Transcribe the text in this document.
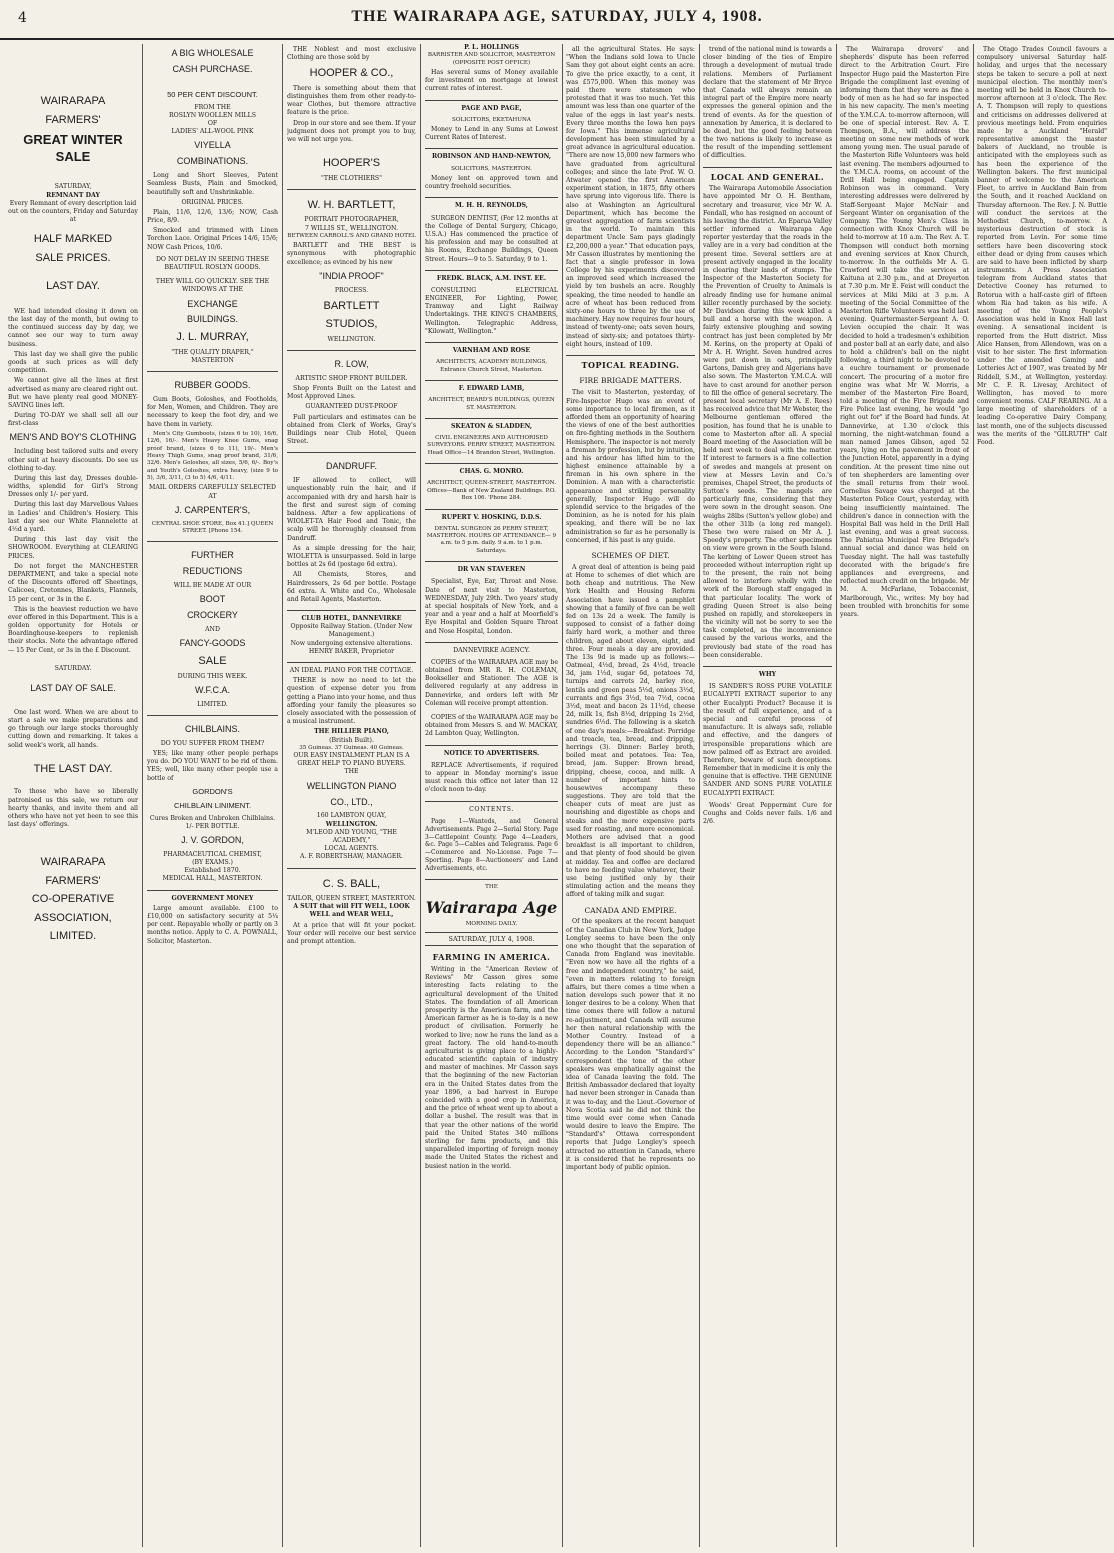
4	THE WAIRARAPA AGE, SATURDAY, JULY 4, 1908.
WAIRARAPA
FARMERS'
GREAT WINTER SALE
SATURDAY,
REMNANT DAY
Every Remnant of every description laid out on the counters, Friday and Saturday at
HALF MARKED
SALE PRICES.
LAST DAY.
WE had intended closing it down on the last day of the month, but owing to the continued success day by day, we cannot see our way to turn away business.
This last day we shall give the public goods at such prices as will defy competition.
We cannot give all the lines at first advertised as many are cleared right out. But we have plenty real good MONEY-SAVING lines left.
During TO-DAY we shall sell all our first-class
MEN'S AND BOY'S CLOTHING
Including best tailored suits and every other suit at heavy discounts. Do see us clothing to-day.
During this last day, Dresses double-widths, splendid for Girl's Strong Dresses only 1/- per yard.
During this last day Marvellous Values in Ladies' and Children's Hosiery. This last day see our White Flannelette at 4½d a yard.
During this last day visit the SHOWROOM. Everything at CLEARING PRICES.
Do not forget the MANCHESTER DEPARTMENT, and take a special note of the Discounts offered off Sheetings, Calicoes, Cretonnes, Blankets, Flannels, 15 per cent, or 3s in the £.
This is the heaviest reduction we have ever offered in this Department. This is a golden opportunity for Hotels or Boardinghouse-keepers to replenish their stocks. Note the advantage offered — 15 Per Cent, or 3s in the £ Discount.
SATURDAY.
LAST DAY OF SALE.
One last word. When we are about to start a sale we make preparations and go through our large stocks thoroughly cutting down and remarking. It takes a solid week's work, all hands.
THE LAST DAY.
To those who have so liberally patronised us this sale, we return our hearty thanks, and invite them and all others who have not yet been to see this last days' offerings.
WAIRARAPA
FARMERS'
CO-OPERATIVE
ASSOCIATION,
LIMITED.
A BIG WHOLESALE
CASH PURCHASE.
50 PER CENT DISCOUNT.
FROM THE
ROSLYN WOOLLEN MILLS
OF
LADIES' ALL-WOOL PINK
VIYELLA
COMBINATIONS.
Long and Short Sleeves, Patent Seamless Busts, Plain and Smocked, beautifully soft and Unshrinkable.
ORIGINAL PRICES.
Plain, 11/6, 12/6, 13/6; NOW, Cash Price, 8/9.
Smocked and trimmed with Linen Torchon Lace. Original Prices 14/6, 15/6; NOW Cash Prices, 10/6.
DO NOT DELAY IN SEEING THESE BEAUTIFUL ROSLYN GOODS.
THEY WILL GO QUICKLY. SEE THE WINDOWS AT THE
EXCHANGE
BUILDINGS.
J. L. MURRAY,
"THE QUALITY DRAPER,"
MASTERTON
RUBBER GOODS.
Gum Boots, Goloshes, and Footholds, for Men, Women, and Children. They are necessary to keep the foot dry, and we have them in variety.
Men's City Gumboots, (sizes 6 to 10), 16/6, 12/6, 16/-. Men's Heavy Knee Gums, snag proof brand, (sizes 6 to 11), 19/-. Men's Heavy Thigh Gums, snag proof brand, 31/6, 32/6. Men's Goloshes, all sizes, 5/6, 6/-. Boy's and Youth's Goloshes, extra heavy, (size 9 to 5), 3/6, 3/11, (3 to 5) 4/6, 4/11.
MAIL ORDERS CAREFULLY SELECTED AT
J. CARPENTER'S,
CENTRAL SHOE STORE, Box 41.] QUEEN STREET. [Phone 154.
FURTHER
REDUCTIONS
WILL BE MADE AT OUR
BOOT
CROCKERY
AND
FANCY-GOODS
SALE
DURING THIS WEEK.
W.F.C.A.
LIMITED.
CHILBLAINS.
DO YOU SUFFER FROM THEM?
YES; like many other people perhaps you do. DO YOU WANT to be rid of them. YES; well, like many other people use a bottle of
GORDON'S
CHILBLAIN LINIMENT.
Cures Broken and Unbroken Chilblains.
1/- PER BOTTLE.
J. V. GORDON,
PHARMACEUTICAL CHEMIST,
(BY EXAMS.)
Established 1870.
MEDICAL HALL, MASTERTON.
GOVERNMENT MONEY
Large amount available. £100 to £10,000 on satisfactory security at 5¼ per cent. Repayable wholly or partly on 3 months notice. Apply to C. A. POWNALL, Solicitor, Masterton.
THE Noblest and most exclusive Clothing are those sold by
HOOPER & CO.,
There is something about them that distinguishes them from other ready-to-wear Clothes, but themore attractive feature is the price.
Drop in our store and see them. If your judgment does not prompt you to buy, we will not urge you.
HOOPER'S
"THE CLOTHIERS"
W. H. BARTLETT,
PORTRAIT PHOTOGRAPHER,
7 WILLIS ST., WELLINGTON.
BETWEEN CARROLL'S AND GRAND HOTEL
BARTLETT and THE BEST is synonymous with photographic excellence; as evinced by his new
"INDIA PROOF"
PROCESS.
BARTLETT
STUDIOS,
WELLINGTON.
R. LOW,
ARTISTIC SHOP FRONT BUILDER.
Shop Fronts Built on the Latest and Most Approved Lines.
GUARANTEED DUST-PROOF
Full particulars and estimates can be obtained from Clerk of Works, Gray's Buildings near Club Hotel, Queen Street.
DANDRUFF.
IF allowed to collect, will unquestionably ruin the hair, and if accompanied with dry and harsh hair is the first and surest sign of coming baldness. After a few applications of WIOLET-TA Hair Food and Tonic, the scalp will be thoroughly cleansed from Dandruff.
As a simple dressing for the hair, WIOLETTA is unsurpassed. Sold in large bottles at 2s 6d (postage 6d extra).
All Chemists, Stores, and Hairdressers, 2s 6d per bottle. Postage 6d extra. A. White and Co., Wholesale and Retail Agents, Masterton.
CLUB HOTEL, DANNEVIRKE
Opposite Railway Station. (Under New Management.)
Now undergoing extensive alterations. HENRY BAKER, Proprietor
AN IDEAL PIANO FOR THE COTTAGE.
THERE is now no need to let the question of expense deter you from getting a Piano into your home, and thus affording your family the pleasures so closely associated with the possession of a musical instrument.
THE HILLIER PIANO,
(British Built).
35 Guineas. 37 Guineas. 40 Guineas.
OUR EASY INSTALMENT PLAN IS A GREAT HELP TO PIANO BUYERS.
THE
WELLINGTON PIANO
CO., LTD.,
160 LAMBTON QUAY,
WELLINGTON.
M'LEOD AND YOUNG, "THE ACADEMY,"
LOCAL AGENTS.
A. F. ROBERTSHAW, MANAGER.
C. S. BALL,
TAILOR, QUEEN STREET, MASTERTON.
A SUIT that will FIT WELL, LOOK WELL and WEAR WELL,
At a price that will fit your pocket. Your order will receive our best service and prompt attention.
P. L. HOLLINGS
BARRISTER AND SOLICITOR, MASTERTON (OPPOSITE POST OFFICE)
Has several sums of Money available for investment on mortgage at lowest current rates of interest.
PAGE AND PAGE,
SOLICITORS, EKETAHUNA
Money to Lend in any Sums at Lowest Current Rates of Interest.
ROBINSON AND HAND-NEWTON,
SOLICITORS, MASTERTON.
Money lent on approved town and country freehold securities.
M. H. H. REYNOLDS,
SURGEON DENTIST, (For 12 months at the College of Dental Surgery, Chicago, U.S.A.) Has commenced the practice of his profession and may be consulted at his Rooms, Exchange Buildings, Queen Street. Hours—9 to 5. Saturday, 9 to 1.
FREDK. BLACK, A.M. INST. EE.
CONSULTING ELECTRICAL ENGINEER, For Lighting, Power, Tramway and Light Railway Undertakings. THE KING'S CHAMBERS, Wellington. Telegraphic Address, "Kilowatt, Wellington."
VARNHAM AND ROSE
ARCHITECTS, ACADEMY BUILDINGS, Entrance Church Street, Masterton.
F. EDWARD LAMB,
ARCHITECT, BEARD'S BUILDINGS, QUEEN ST. MASTERTON.
SKEATON & SLADDEN,
CIVIL ENGINEERS AND AUTHORISED SURVEYORS. PERRY STREET, MASTERTON. Head Office—14 Brandon Street, Wellington.
CHAS. G. MONRO.
ARCHITECT, QUEEN-STREET, MASTERTON. Offices—Bank of New Zealand Buildings. P.O. Box 106. 'Phone 284.
RUPERT V. HOSKING, D.D.S.
DENTAL SURGEON 26 PERRY STREET, MASTERTON. HOURS OF ATTENDANCE— 9 a.m. to 5 p.m. daily. 9 a.m. to 1 p.m. Saturdays.
DR VAN STAVEREN
Specialist, Eye, Ear, Throat and Nose. Date of next visit to Masterton, WEDNESDAY, July 29th. Two years' study at special hospitals of New York, and a year and a year and a half at Moorfield's Eye Hospital and Golden Square Throat and Nose Hospital, London.
DANNEVIRKE AGENCY.
COPIES of the WAIRARAPA AGE may be obtained from MR R. H. COLEMAN, Bookseller and Stationer. The AGE is delivered regularly at any address in Dannevirke, and orders left with Mr Coleman will receive prompt attention.
COPIES of the WAIRARAPA AGE may be obtained from Messrs S. and W. MACKAY, 2d Lambton Quay, Wellington.
NOTICE TO ADVERTISERS.
REPLACE Advertisements, if required to appear in Monday morning's issue must reach this office not later than 12 o'clock noon to-day.
CONTENTS.
Page 1—Wanteds, and General Advertisements. Page 2—Serial Story. Page 3—Cattlepoint County. Page 4—Leaders, &c. Page 5—Cables and Telegrams. Page 6—Commerce and No-License. Page 7—Sporting. Page 8—Auctioneers' and Land Advertisements, etc.
THE
Wairarapa Age
MORNING DAILY.
SATURDAY, JULY 4, 1908.
FARMING IN AMERICA.
Writing in the "American Review of Reviews" Mr Casson gives some interesting facts relating to the agricultural development of the United States. The foundation of all American prosperity is the American farm, and the American farmer as he is to-day is a new product of civilisation. Formerly he worked to live; now he runs the land as a great factory. The old hand-to-mouth agriculturist is giving place to a highly-educated scientific captain of industry and master of machines. Mr Casson says that the beginning of the new Factorian era in the United States dates from the year 1896, a bad harvest in Europe coincided with a good crop in America, and the price of wheat went up to about a dollar a bushel. The result was that in that year the other nations of the world paid the United States 340 millions sterling for farm products, and this unparalleled importing of foreign money made the United States the richest and busiest nation in the world.
all the agricultural States. He says: "When the Indians sold Iowa to Uncle Sam they got about eight cents an acre. To give the price exactly, to a cent, it was £575,000. When this money was paid there were statesmen who protested that it was too much. Yet this amount was less than one quarter of the value of the eggs in last year's nests. Every three months the Iowa hen pays for Iowa." This immense agricultural development has been stimulated by a great advance in agricultural education. "There are now 15,000 new farmers who have graduated from agricultural colleges; and since the late Prof. W. O. Atwater opened the first American experiment station, in 1875, fifty others have sprung into vigorous life. There is also at Washington an Agricultural Department, which has become the greatest aggregation of farm scientists in the world. To maintain this department Uncle Sam pays gladingly £2,200,000 a year." That education pays, Mr Casson illustrates by mentioning the fact that a single professor in Iowa College by his experiments discovered an improved seed which increased the yield by ten bushels an acre. Roughly speaking, the time needed to handle an acre of wheat has been reduced from sixty-one hours to three by the use of machinery. Hay now requires four hours, instead of twenty-one; oats seven hours, instead of sixty-six; and potatoes thirty-eight hours, instead of 109.
TOPICAL READING.
FIRE BRIGADE MATTERS.
The visit to Masterton, yesterday, of Fire-Inspector Hugo was an event of some importance to local firemen, as it afforded them an opportunity of hearing the views of one of the best authorities on fire-fighting methods in the Southern Hemisphere. The inspector is not merely a fireman by profession, but by intuition, and his ardour has lifted him to the highest eminence attainable by a fireman in his own sphere in the Dominion. A man with a characteristic appearance and striking personality generally, Inspector Hugo will do splendid service to the brigades of the Dominion, as he is noted for his plain speaking, and there will be no lax administration so far as he personally is concerned, if his past is any guide.
SCHEMES OF DIET.
A great deal of attention is being paid at Home to schemes of diet which are both cheap and nutritious. The New York Health and Housing Reform Association have issued a pamphlet showing that a family of five can be well fed on 13s 2d a week. The family is supposed to consist of a father doing fairly hard work, a mother and three children, aged about eleven, eight, and three. Four meals a day are provided. The 13s 9d is made up as follows:—Oatmeal, 4½d, bread, 2s 4½d, treacle 3d, jam 1½d, sugar 6d, potatoes 7d, turnips and carrots 2d, barley rice, lentils and green peas 5½d, onions 3½d, currants and figs 3½d, tea 7½d, cocoa 3½d, meat and bacon 2s 11½d, cheese 2d, milk 1s, fish 8½d, dripping 1s 2½d, sundries 6½d. The following is a sketch of one day's meals:—Breakfast: Porridge and treacle, tea, bread, and dripping, herrings (3). Dinner: Barley broth, boiled meat and potatoes. Tea: Tea, bread, jam. Supper: Brown bread, dripping, cheese, cocoa, and milk. A number of important hints to housewives accompany these suggestions. They are told that the cheaper cuts of meat are just as nourishing and digestible as chops and steaks and the more expensive parts used for roasting, and more economical. Mothers are advised that a good breakfast is all important to children, and that plenty of food should be given at midday. Tea and coffee are declared to have no feeding value whatever, their use being justified only by their stimulating action and the means they afford of taking milk and sugar.
CANADA AND EMPIRE.
Of the speakers at the recent banquet of the Canadian Club in New York, Judge Longley seems to have been the only one who thought that the separation of Canada from England was inevitable. "Even now we have all the rights of a free and independent country," he said, "even in matters relating to foreign affairs, but there comes a time when a nation develops such power that it no longer desires to be a colony. When that time comes there will follow a natural re-adjustment, and Canada will assume her then natural relationship with the Mother Country. Instead of a dependency there will be an alliance." According to the London "Standard's" correspondent the tone of the other speakers was emphatically against the idea of Canada leaving the fold. The British Ambassador declared that loyalty had never been stronger in Canada than it was to-day, and the Lieut.-Governor of Nova Scotia said he did not think the time would ever come when Canada would desire to leave the Empire. The "Standard's" Ottawa correspondent reports that Judge Longley's speech attracted no attention in Canada, where it is considered that he represents no important body of public opinion.
trend of the national mind is towards a closer binding of the ties of Empire through a development of mutual trade relations. Members of Parliament declare that the statement of Mr Bryce that Canada will always remain an integral part of the Empire more nearly expresses the general opinion and the trend of events. As for the question of annexation by America, it is declared to be dead, but the good feeling between the two nations is likely to increase as the result of the impending settlement of difficulties.
LOCAL AND GENERAL.
The Wairarapa Automobile Association have appointed Mr O. H. Bentham, secretary and treasurer, vice Mr W. A. Fendall, who has resigned on account of his leaving the district. An Eparua Valley settler informed a Wairarapa Age reporter yesterday that the roads in the valley are in a very bad condition at the present time. Several settlers are at present actively engaged in the locality in clearing their lands of stumps. The Inspector of the Masterton Society for the Prevention of Cruelty to Animals is already finding use for humane animal killer recently purchased by the society. Mr Davidson during this week killed a bull and a horse with the weapon. A fairly extensive ploughing and sowing contract has just been completed by Mr M. Kerins, on the property at Opaki of Mr A. H. Wright. Seven hundred acres were put down in oats, principally Gartons, Danish grey and Algerians have also sown. The Masterton Y.M.C.A. will have to cast around for another person to fill the office of general secretary. The present local secretary (Mr A. E. Rees) has received advice that Mr Webster, the Melbourne gentleman offered the position, has found that he is unable to come to Masterton after all. A special Board meeting of the Association will be held next week to deal with the matter. If interest to farmers is a fine collection of swedes and mangels at present on view at Messrs Levin and Co.'s premises, Chapel Street, the products of Sutton's seeds. The mangels are particularly fine, considering that they were sown in the drought season. One weighs 28lbs (Sutton's yellow globe) and the other 31lb (a long red mangel). These two were raised on Mr A. J. Speedy's property. The other specimens on view were grown in the South Island. The kerbing of Lower Queen street has proceeded without interruption right up to the present, the rain not being allowed to interfere wholly with the work of the Borough staff engaged in that particular locality. The work of grading Queen Street is also being pushed on rapidly, and storekeepers in the vicinity will not be sorry to see the task completed, as the inconvenience caused by the various works, and the previously bad state of the road has been considerable.
WHY
IS SANDER'S ROSS PURE VOLATILE EUCALYPTI EXTRACT superior to any other Eucalypti Product? Because it is the result of full experience, and of a special and careful process of manufacture. It is always safe, reliable and effective, and the dangers of irresponsible preparations which are now palmed off as Extract are avoided. Therefore, beware of such deceptions. Remember that in medicine it is only the genuine that is effective. THE GENUINE SANDER AND SONS PURE VOLATILE EUCALYPTI EXTRACT.
Woods' Great Peppermint Cure for Coughs and Colds never fails. 1/6 and 2/6.
The Wairarapa drovers' and shepherds' dispute has been referred direct to the Arbitration Court. Fire Inspector Hugo paid the Masterton Fire Brigade the compliment last evening of informing them that they were as fine a body of men as he had so far inspected in his new capacity. The men's meeting of the Y.M.C.A. to-morrow afternoon, will be one of special interest. Rev. A. T. Thompson, B.A., will address the meeting on some new methods of work among young men. The usual parade of the Masterton Rifle Volunteers was held last evening. The members adjourned to the Y.M.C.A. rooms, on account of the Drill Hall being engaged. Captain Robinson was in command. Very interesting addresses were delivered by Staff-Sergeant Major McNair and Sergeant Winter on organisation of the Company. The Young Men's Class in connection with Knox Church will be held to-morrow at 10 a.m. The Rev. A. T. Thompson will conduct both morning and evening services at Knox Church, to-morrow. In the outfields Mr A. G. Crawford will take the services at Kaituna at 2.30 p.m., and at Dreyerton at 7.30 p.m. Mr E. Feist will conduct the services at Miki Miki at 3 p.m. A meeting of the Social Committee of the Masterton Rifle Volunteers was held last evening. Quartermaster-Sergeant A. O. Levien occupied the chair. It was decided to hold a tradesmen's exhibition and poster ball at an early date, and also to hold a children's ball on the night following, a third night to be devoted to a euchre tournament or promenade concert. The procuring of a motor fire engine was what Mr W. Morris, a member of the Masterton Fire Board, told a meeting of the Fire Brigade and Fire Police last evening, he would "go right out for" if the Board had funds. At Dannevirke, at 1.30 o'clock this morning, the night-watchman found a man named James Gibson, aged 52 years, lying on the pavement in front of the Junction Hotel, apparently in a dying condition. At the present time nine out of ten shepherders are lamenting over the small returns from their wool. Cornelius Savage was charged at the Masterton Police Court, yesterday, with being insufficiently maintained. The children's dance in connection with the Hospital Ball was held in the Drill Hall last evening, and was a great success. The Pahiatua Municipal Fire Brigade's annual social and dance was held on Tuesday night. The hall was tastefully decorated with the brigade's fire appliances and evergreens, and reflected much credit on the brigade. Mr M. A. McFarlane, Tobacconist, Marlborough, Vic., writes: My boy had been troubled with bronchitis for some years.
The Otago Trades Council favours a compulsory universal Saturday half-holiday, and urges that the necessary steps be taken to secure a poll at next municipal election. The monthly men's meeting will be held in Knox Church to-morrow afternoon at 3 o'clock. The Rev. A. T. Thompson will reply to questions and criticisms on addresses delivered at previous meetings held. From enquiries made by a Auckland "Herald" representative amongst the master bakers of Auckland, no trouble is anticipated with the employees such as has been the experience of the Wellington bakers. The first municipal banner of welcome to the American Fleet, to arrive in Auckland Bain from the South, and it reached Auckland on Thursday afternoon. The Rev. J. N. Buttle will conduct the services at the Methodist Church, to-morrow. A mysterious destruction of stock is reported from Levin. For some time settlers have been discovering stock either dead or dying from causes which are said to have been inflicted by sharp instruments. A Press Association telegram from Auckland states that Detective Cooney has returned to Rotorua with a half-caste girl of fifteen whom Ria had taken as his wife. A meeting of the Young People's Association was held in Knox Hall last evening. A sensational incident is reported from the Hutt district. Miss Alice Hansen, from Allendown, was on a visit to her sister. The first information under the amended Gaming and Lotteries Act of 1907, was treated by Mr Riddell, S.M., at Wellington, yesterday. Mr C. F. R. Livesay, Architect of Wellington, has moved to more convenient rooms. CALF REARING. At a large meeting of shareholders of a leading Co-operative Dairy Company, last month, one of the subjects discussed was the merits of the "GILRUTH" Calf Food.
